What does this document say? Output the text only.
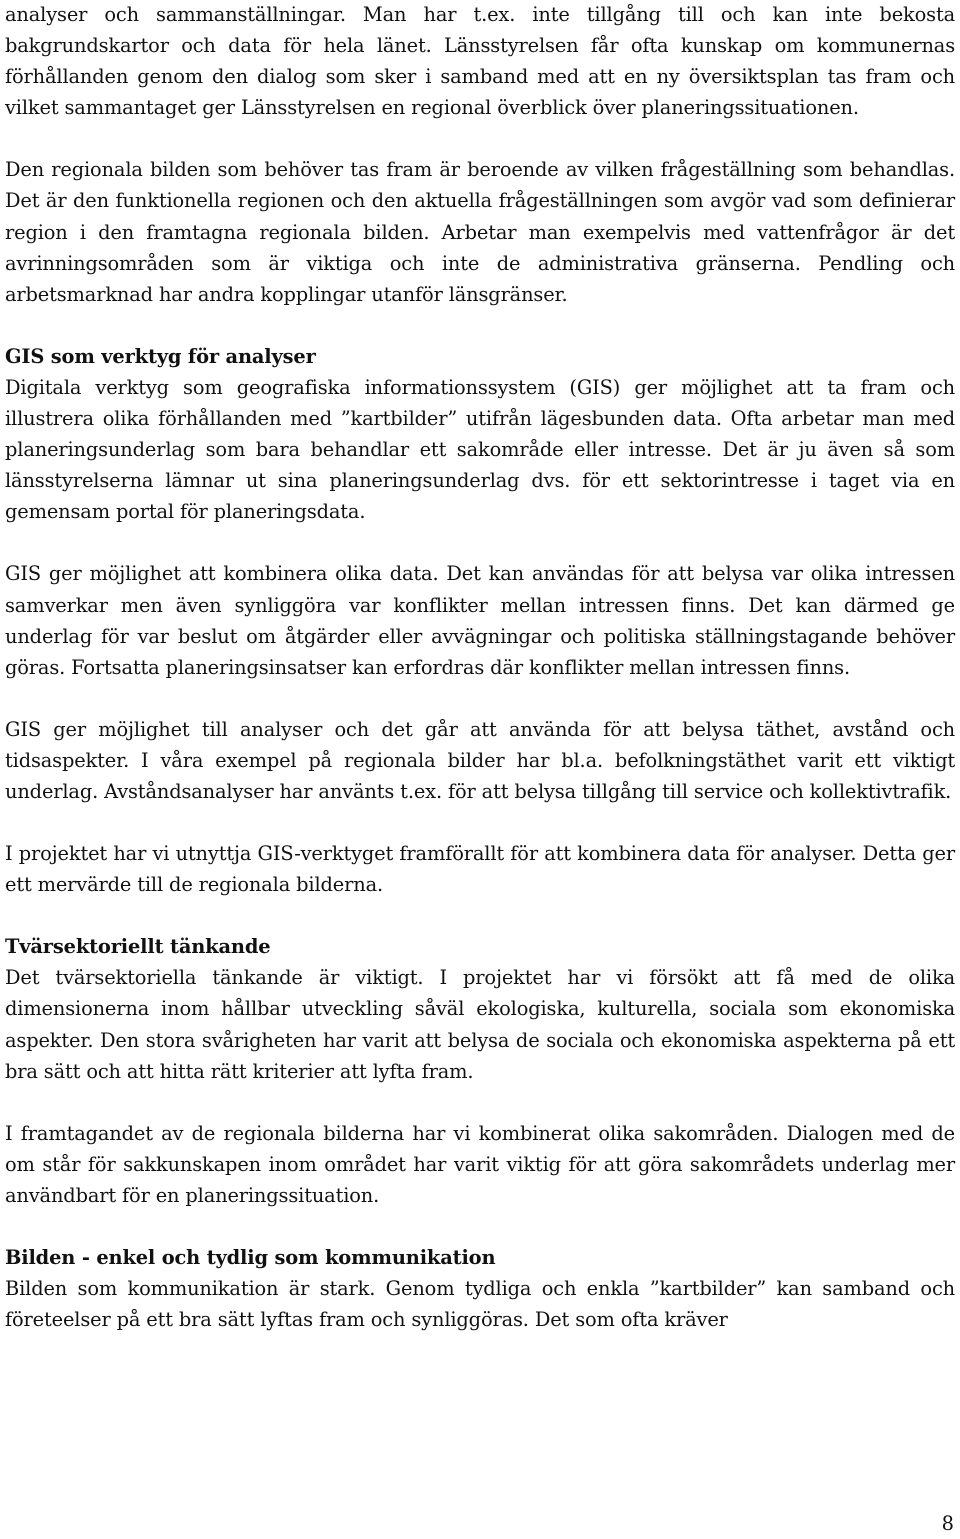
analyser och sammanställningar. Man har t.ex. inte tillgång till och kan inte bekosta bakgrundskartor och data för hela länet. Länsstyrelsen får ofta kunskap om kommunernas förhållanden genom den dialog som sker i samband med att en ny översiktsplan tas fram och vilket sammantaget ger Länsstyrelsen en regional överblick över planeringssituationen.

Den regionala bilden som behöver tas fram är beroende av vilken frågeställning som behandlas. Det är den funktionella regionen och den aktuella frågeställningen som avgör vad som definierar region i den framtagna regionala bilden. Arbetar man exempelvis med vattenfrågor är det avrinningsområden som är viktiga och inte de administrativa gränserna. Pendling och arbetsmarknad har andra kopplingar utanför länsgränser.

GIS som verktyg för analyser

Digitala verktyg som geografiska informationssystem (GIS) ger möjlighet att ta fram och illustrera olika förhållanden med ”kartbilder” utifrån lägesbunden data. Ofta arbetar man med planeringsunderlag som bara behandlar ett sakområde eller intresse. Det är ju även så som länsstyrelserna lämnar ut sina planeringsunderlag dvs. för ett sektorintresse i taget via en gemensam portal för planeringsdata.

GIS ger möjlighet att kombinera olika data. Det kan användas för att belysa var olika intressen samverkar men även synliggöra var konflikter mellan intressen finns. Det kan därmed ge underlag för var beslut om åtgärder eller avvägningar och politiska ställningstagande behöver göras. Fortsatta planeringsinsatser kan erfordras där konflikter mellan intressen finns.

GIS ger möjlighet till analyser och det går att använda för att belysa täthet, avstånd och tidsaspekter. I våra exempel på regionala bilder har bl.a. befolkningstäthet varit ett viktigt underlag. Avståndsanalyser har använts t.ex. för att belysa tillgång till service och kollektivtrafik.

I projektet har vi utnyttja GIS-verktyget framförallt för att kombinera data för analyser. Detta ger ett mervärde till de regionala bilderna.

Tvärsektoriellt tänkande

Det tvärsektoriella tänkande är viktigt. I projektet har vi försökt att få med de olika dimensionerna inom hållbar utveckling såväl ekologiska, kulturella, sociala som ekonomiska aspekter. Den stora svårigheten har varit att belysa de sociala och ekonomiska aspekterna på ett bra sätt och att hitta rätt kriterier att lyfta fram.

I framtagandet av de regionala bilderna har vi kombinerat olika sakområden. Dialogen med de om står för sakkunskapen inom området har varit viktig för att göra sakområdets underlag mer användbart för en planeringssituation.

Bilden - enkel och tydlig som kommunikation

Bilden som kommunikation är stark. Genom tydliga och enkla ”kartbilder” kan samband och företeelser på ett bra sätt lyftas fram och synliggöras. Det som ofta kräver

8
